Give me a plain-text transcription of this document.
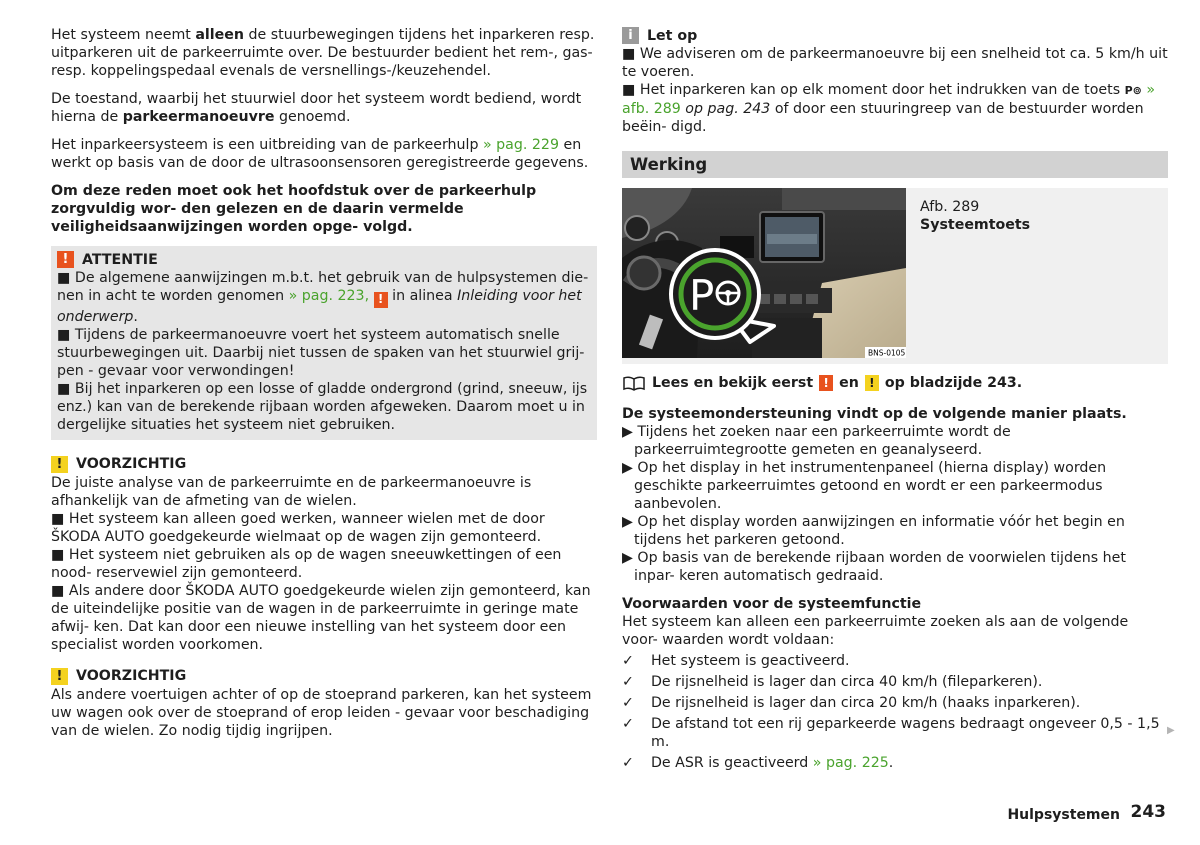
Het systeem neemt alleen de stuurbewegingen tijdens het inparkeren resp. uitparkeren uit de parkeerruimte over. De bestuurder bedient het rem-, gas- resp. koppelingspedaal evenals de versnellings-/keuzehendel.

De toestand, waarbij het stuurwiel door het systeem wordt bediend, wordt hierna de parkeermanoeuvre genoemd.

Het inparkeersysteem is een uitbreiding van de parkeerhulp » pag. 229 en werkt op basis van de door de ultrasoonsensoren geregistreerde gegevens.

Om deze reden moet ook het hoofdstuk over de parkeerhulp zorgvuldig wor- den gelezen en de daarin vermelde veiligheidsaanwijzingen worden opge- volgd.

! ATTENTIE
■ De algemene aanwijzingen m.b.t. het gebruik van de hulpsystemen die- nen in acht te worden genomen » pag. 223, ! in alinea Inleiding voor het onderwerp.
■ Tijdens de parkeermanoeuvre voert het systeem automatisch snelle stuurbewegingen uit. Daarbij niet tussen de spaken van het stuurwiel grij- pen - gevaar voor verwondingen!
■ Bij het inparkeren op een losse of gladde ondergrond (grind, sneeuw, ijs enz.) kan van de berekende rijbaan worden afgeweken. Daarom moet u in dergelijke situaties het systeem niet gebruiken.
! VOORZICHTIG
De juiste analyse van de parkeerruimte en de parkeermanoeuvre is afhankelijk van de afmeting van de wielen.
■ Het systeem kan alleen goed werken, wanneer wielen met de door ŠKODA AUTO goedgekeurde wielmaat op de wagen zijn gemonteerd.
■ Het systeem niet gebruiken als op de wagen sneeuwkettingen of een nood- reservewiel zijn gemonteerd.
■ Als andere door ŠKODA AUTO goedgekeurde wielen zijn gemonteerd, kan de uiteindelijke positie van de wagen in de parkeerruimte in geringe mate afwij- ken. Dat kan door een nieuwe instelling van het systeem door een specialist worden voorkomen.
! VOORZICHTIG
Als andere voertuigen achter of op de stoeprand parkeren, kan het systeem uw wagen ook over de stoeprand of erop leiden - gevaar voor beschadiging van de wielen. Zo nodig tijdig ingrijpen.
i	Let op
■ We adviseren om de parkeermanoeuvre bij een snelheid tot ca. 5 km/h uit te voeren.
■ Het inparkeren kan op elk moment door het indrukken van de toets P⊚ » afb. 289 op pag. 243 of door een stuuringreep van de bestuurder worden beëin- digd.
Werking
P
BNS-0105
Afb. 289
Systeemtoets
Lees en bekijk eerst ! en ! op bladzijde 243.
De systeemondersteuning vindt op de volgende manier plaats.
▶ Tijdens het zoeken naar een parkeerruimte wordt de parkeerruimtegrootte gemeten en geanalyseerd.
▶ Op het display in het instrumentenpaneel (hierna display) worden geschikte parkeerruimtes getoond en wordt er een parkeermodus aanbevolen.
▶ Op het display worden aanwijzingen en informatie vóór het begin en tijdens het parkeren getoond.
▶ Op basis van de berekende rijbaan worden de voorwielen tijdens het inpar- keren automatisch gedraaid.
Voorwaarden voor de systeemfunctie
Het systeem kan alleen een parkeerruimte zoeken als aan de volgende voor- waarden wordt voldaan:
✓	Het systeem is geactiveerd.
✓	De rijsnelheid is lager dan circa 40 km/h (fileparkeren).
✓	De rijsnelheid is lager dan circa 20 km/h (haaks inparkeren).
✓	De afstand tot een rij geparkeerde wagens bedraagt ongeveer 0,5 - 1,5 m.
✓	De ASR is geactiveerd » pag. 225.
▶
Hulpsystemen 243
